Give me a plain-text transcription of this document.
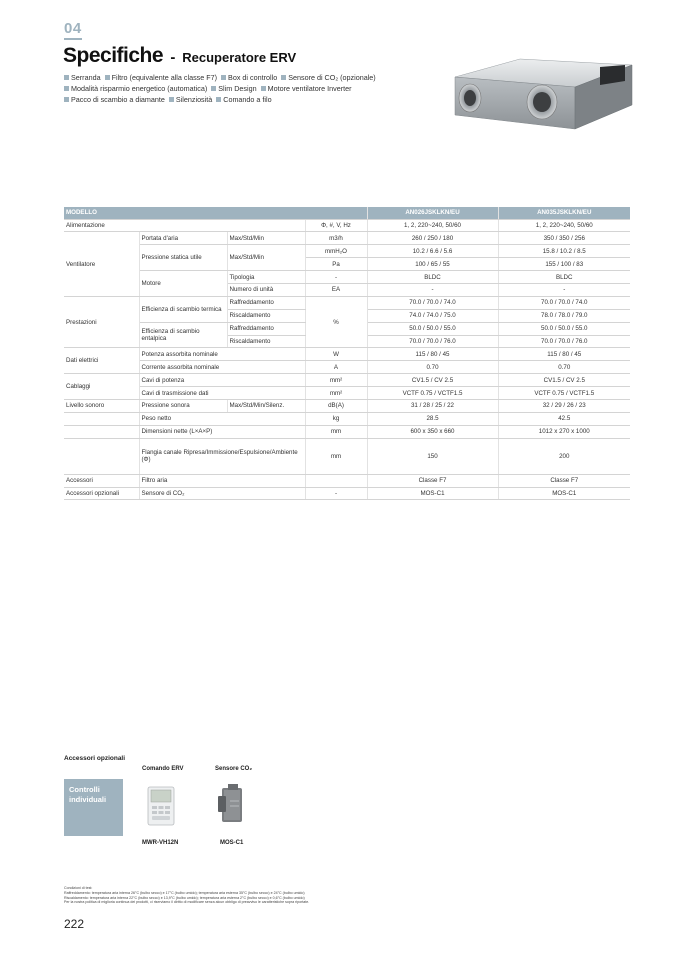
04
Specifiche - Recuperatore ERV
Serranda Filtro (equivalente alla classe F7) Box di controllo Sensore di CO₂ (opzionale)
Modalità risparmio energetico (automatica) Slim Design Motore ventilatore Inverter
Pacco di scambio a diamante Silenziosità Comando a filo
MODELLO				AN026JSKLKN/EU	AN035JSKLKN/EU
Alimentazione			Φ, #, V, Hz	1, 2, 220~240, 50/60	1, 2, 220~240, 50/60
Ventilatore	Portata d'aria	Max/Std/Min	m3/h	260 / 250 / 180	350 / 350 / 256
	Pressione statica utile	Max/Std/Min	mmH₂O	10.2 / 6.6 / 5.6	15.8 / 10.2 / 8.5
			Pa	100 / 65 / 55	155 / 100 / 83
	Motore	Tipologia	-	BLDC	BLDC
		Numero di unità	EA	-	-
Prestazioni	Efficienza di scambio termica	Raffreddamento	%	70.0 / 70.0 / 74.0	70.0 / 70.0 / 74.0
		Riscaldamento		74.0 / 74.0 / 75.0	78.0 / 78.0 / 79.0
	Efficienza di scambio entalpica	Raffreddamento		50.0 / 50.0 / 55.0	50.0 / 50.0 / 55.0
		Riscaldamento		70.0 / 70.0 / 76.0	70.0 / 70.0 / 76.0
Dati elettrici	Potenza assorbita nominale		W	115 / 80 / 45	115 / 80 / 45
	Corrente assorbita nominale		A	0.70	0.70
Cablaggi	Cavi di potenza		mm²	CV1.5 / CV 2.5	CV1.5 / CV 2.5
	Cavi di trasmissione dati		mm²	VCTF 0.75 / VCTF1.5	VCTF 0.75 / VCTF1.5
Livello sonoro	Pressione sonora	Max/Std/Min/Silenz.	dB(A)	31 / 28 / 25 / 22	32 / 29 / 26 / 23
	Peso netto		kg	28.5	42.5
	Dimensioni nette (L×A×P)		mm	600 x 350 x 660	1012 x 270 x 1000
	Flangia canale Ripresa/Immissione/Espulsione/Ambiente (Φ)		mm	150	200
Accessori	Filtro aria			Classe F7	Classe F7
Accessori opzionali	Sensore di CO₂		-	MOS-C1	MOS-C1
Accessori opzionali
Comando ERV	Sensore CO₂
Controlli
individuali
MWR-VH12N	MOS-C1
Condizioni di test:
Raffreddamento: temperatura aria interna 26°C (bulbo secco) e 17°C (bulbo umido); temperatura aria esterna 35°C (bulbo secco) e 24°C (bulbo umido)
Riscaldamento: temperatura aria interna 22°C (bulbo secco) e 13,9°C (bulbo umido); temperatura aria esterna 2°C (bulbo secco) e 0,6°C (bulbo umido)
Per la nostra politica di miglioria continua dei prodotti, ci riserviamo il diritto di modificare senza alcun obbligo di preavviso le caratteristiche sopra riportate.
222
